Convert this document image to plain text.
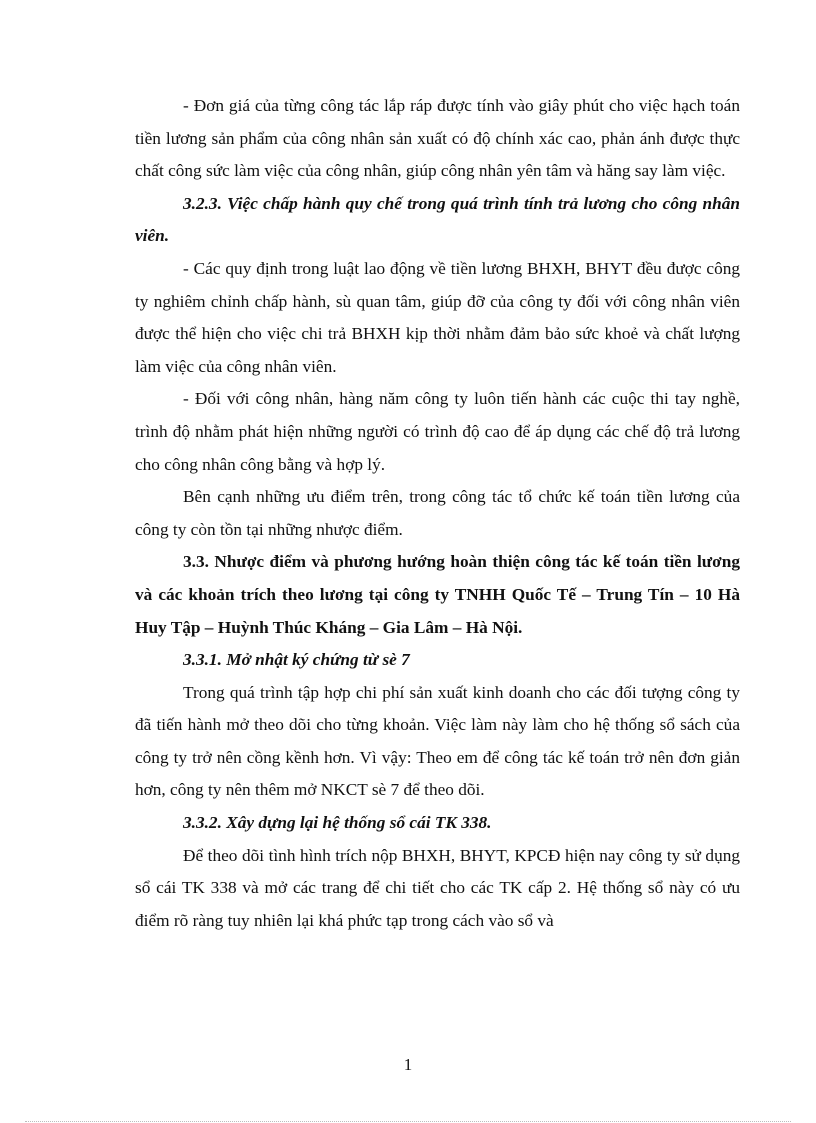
- Đơn giá của từng công tác lắp ráp được tính vào giây phút cho việc hạch toán tiền lương sản phẩm của công nhân sản xuất có độ chính xác cao, phản ánh được thực chất công sức làm việc của công nhân, giúp công nhân yên tâm và hăng say làm việc.

3.2.3. Việc chấp hành quy chế trong quá trình tính trả lương cho công nhân viên.

- Các quy định trong luật lao động về tiền lương BHXH, BHYT đều được công ty nghiêm chỉnh chấp hành, sù quan tâm, giúp đỡ của công ty đối với công nhân viên được thể hiện cho việc chi trả BHXH kịp thời nhằm đảm bảo sức khoẻ và chất lượng làm việc của công nhân viên.

- Đối với công nhân, hàng năm công ty luôn tiến hành các cuộc thi tay nghề, trình độ nhằm phát hiện những người có trình độ cao để áp dụng các chế độ trả lương cho công nhân công bằng và hợp lý.

Bên cạnh những ưu điểm trên, trong công tác tổ chức kế toán tiền lương của công ty còn tồn tại những nhược điểm.

3.3. Nhược điểm và phương hướng hoàn thiện công tác kế toán tiền lương và các khoản trích theo lương tại công ty TNHH Quốc Tế – Trung Tín – 10 Hà Huy Tập – Huỳnh Thúc Kháng – Gia Lâm – Hà Nội.

3.3.1. Mở nhật ký chứng từ sè 7

Trong quá trình tập hợp chi phí sản xuất kinh doanh cho các đối tượng công ty đã tiến hành mở theo dõi cho từng khoản. Việc làm này làm cho hệ thống sổ sách của công ty trở nên cồng kềnh hơn. Vì vậy: Theo em để công tác kế toán trở nên đơn giản hơn, công ty nên thêm mở NKCT sè 7 để theo dõi.

3.3.2. Xây dựng lại hệ thống sổ cái TK 338.

Để theo dõi tình hình trích nộp BHXH, BHYT, KPCĐ hiện nay công ty sử dụng sổ cái TK 338 và mở các trang để chi tiết cho các TK cấp 2. Hệ thống sổ này có ưu điểm rõ ràng tuy nhiên lại khá phức tạp trong cách vào sổ và

1
